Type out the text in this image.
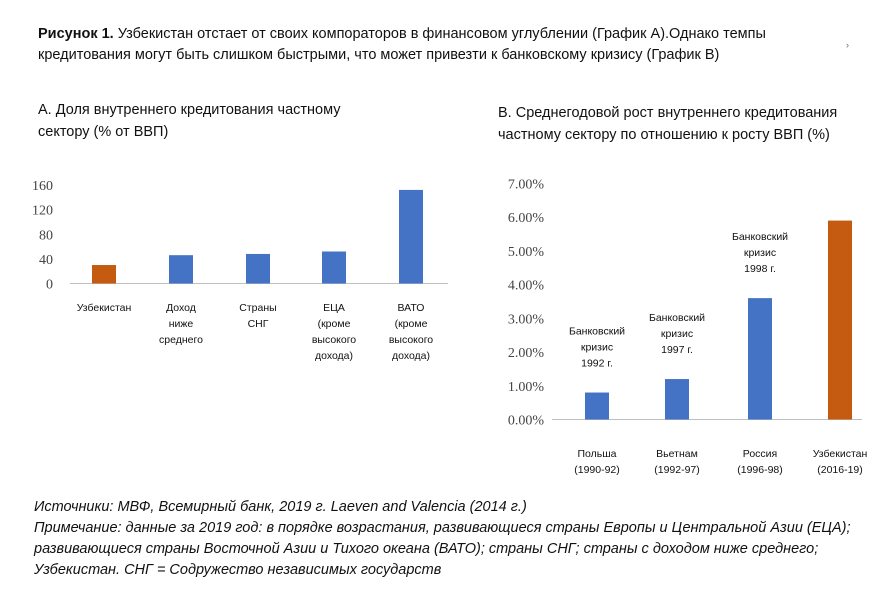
Рисунок 1. Узбекистан отстает от своих компораторов в финансовом углублении (График А).Однако темпы кредитования могут быть слишком быстрыми, что может привезти к банковскому кризису (График В)
А. Доля внутреннего кредитования частному сектору (% от ВВП)
B. Среднегодовой рост внутреннего кредитования частному сектору по отношению к росту ВВП (%)
0
40
80
120
160
Узбекистан	Доход
ниже
среднего
Страны
СНГ
ЕЦА
(кроме
высокого
дохода)
ВАТО
(кроме
высокого
дохода)
0.00%
1.00%
2.00%
3.00%
4.00%
5.00%
6.00%
7.00%
Польша
(1990-92)
Банковский
кризис
1992 г.
Вьетнам
(1992-97)
Банковский
кризис
1997 г.
Россия
(1996-98)
Банковский
кризис
1998 г.
Узбекистан
(2016-19)
Источники: МВФ, Всемирный банк, 2019 г. Laeven and Valencia (2014 г.)
Примечание: данные за 2019 год: в порядке возрастания, развивающиеся страны Европы и Центральной Азии (ЕЦА); развивающиеся страны Восточной Азии и Тихого океана (ВАТО); страны СНГ; страны с доходом ниже среднего; Узбекистан. СНГ = Содружество независимых государств
›
